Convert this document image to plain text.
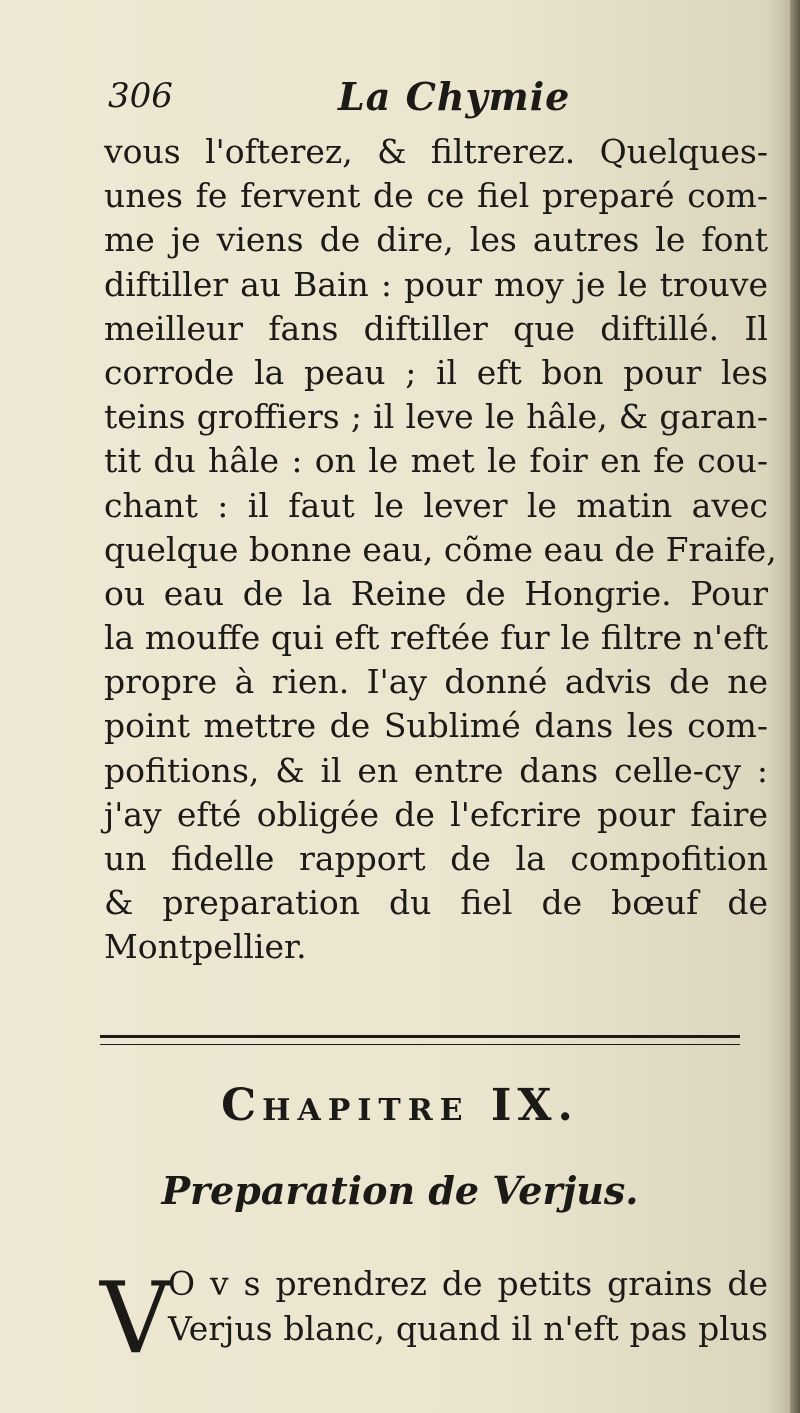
306	La Chymie
vous l'ofterez, & filtrerez. Quelques-
unes fe fervent de ce fiel preparé com-
me je viens de dire, les autres le font
diftiller au Bain : pour moy je le trouve
meilleur fans diftiller que diftillé. Il
corrode la peau ; il eft bon pour les
teins groffiers ; il leve le hâle, & garan-
tit du hâle : on le met le foir en fe cou-
chant : il faut le lever le matin avec
quelque bonne eau, cõme eau de Fraife,
ou eau de la Reine de Hongrie. Pour
la mouffe qui eft reftée fur le filtre n'eft
propre à rien. I'ay donné advis de ne
point mettre de Sublimé dans les com-
pofitions, & il en entre dans celle-cy :
j'ay efté obligée de l'efcrire pour faire
un fidelle rapport de la compofition
& preparation du fiel de bœuf de
Montpellier.
CHAPITRE IX.
Preparation de Verjus.
V
O v s prendrez de petits grains de
Verjus blanc, quand il n'eft pas plus
